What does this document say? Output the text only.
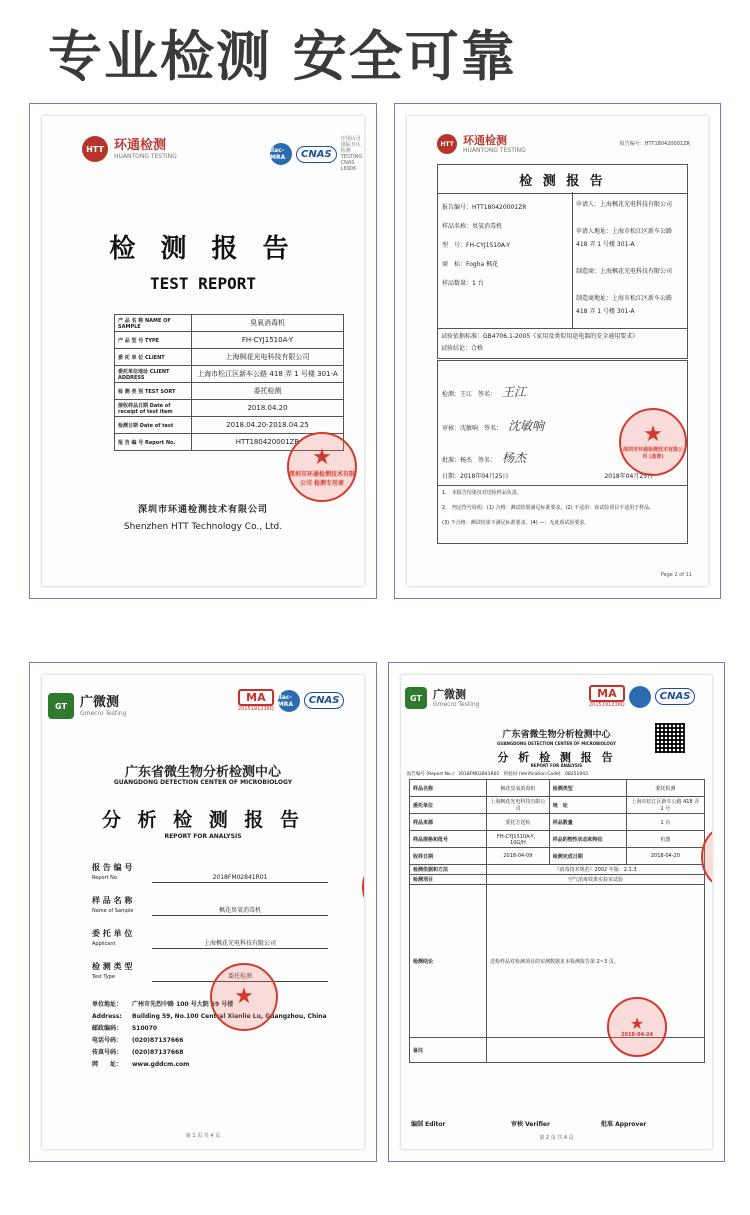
专业检测 安全可靠
HTT 环通检测
HUANTONG TESTING
ilac-MRA	CNAS
中国认可国际互认检测TESTING CNAS L6906
检 测 报 告
TEST REPORT
产 品 名 称 NAME OF SAMPLE	臭氧消毒机
产 品 型 号 TYPE	FH-CYJ1510A-Y
委 托 单 位 CLIENT	上海枫花光电科技有限公司
委托单位地址 CLIENT ADDRESS	上海市松江区新车公路 418 弄 1 号楼 301-A
检 测 类 别 TEST SORT	委托检测
接收样品日期 Date of receipt of test item	2018.04.20
检测日期 Date of test	2018.04.20-2018.04.25
报 告 编 号 Report No.	HTT180420001ZR
深圳市环通检测技术有限公司
Shenzhen HTT Technology Co., Ltd.
★
深圳市环通检测技术有限公司 检测专用章
HTT 环通检测
HUANTONG TESTING
报告编号：HTT180420001ZR
检 测 报 告
报告编号：HTT180420001ZR
样品名称：臭氧消毒机
型　号：FH-CYJ1510A-Y
商　标：Fogha 枫花
样品数量：1 台
申请人：上海枫花光电科技有限公司
申请人地址：上海市松江区新车公路 418 弄 1 号楼 301-A
制造商：上海枫花光电科技有限公司
制造商地址：上海市松江区新车公路 418 弄 1 号楼 301-A
试验依据标准：GB4706.1-2005《家用及类似用途电器的安全通用要求》
试验结论：合格
检测：王江　签名： 王江
审核：沈敏响　签名： 沈敏响
批准：杨杰　签名： 杨杰
日期：2018年04月25日	2018年04月25日
★
深圳市环通检测技术有限公司 (盖章)
1.　本报告结果仅对送检样品负责。
2.　判定符号说明：(1) 合格：测试结果满足标准要求。(2) 不适用：该试验项目不适用于样品。
(3) 不合格：测试结果不满足标准要求。(4) —：无此项试验要求。
Page 2 of 11
GT	广微测
Gmecro Testing
MA
2015191236Q
ilac-MRA	CNAS
广东省微生物分析检测中心
GUANGDONG DETECTION CENTER OF MICROBIOLOGY
分 析 检 测 报 告
REPORT FOR ANALYSIS
报 告 编 号
Report No.	2018FM02841R01
样 品 名 称
Name of Sample	枫花臭氧消毒机
委 托 单 位
Applicant	上海枫花光电科技有限公司
检 测 类 型
Test Type	委托检测
单位地址：	广州市先烈中路 100 号大院 59 号楼
Address:	Building 59, No.100 Central Xianlie Lu, Guangzhou, China
邮政编码：	510070
电话号码：	(020)87137666
传真号码：	(020)87137668
网　　址：	www.gddcm.com
★
第 1 页 共 4 页
GT	广微测
Gmecro Testing
MA
2015191236Q
CNAS
广东省微生物分析检测中心
GUANGDONG DETECTION CENTER OF MICROBIOLOGY
分 析 检 测 报 告
REPORT FOR ANALYSIS
报告编号 (Report No.)：2018FM02841R01　校验码 (Verification Code)：08251943
样品名称	枫花臭氧消毒机	检测类型	委托检测
委托单位	上海枫花光电科技有限公司	地　址	上海市松江区新车公路 418 弄 1 号
样品来源	委托方送检	样品数量	1 台
样品规格和批号	FH-CYJ1510A-Y，10G/H	样品的物性状态和特征	机器
收样日期	2018-04-09	检测完成日期	2018-04-20
检测依据和方法	《消毒技术规范》2002 年版：2.1.3		
检测项目	空气消毒效果实验室试验		
检测结论	送检样品对检测项目的实测数据见本检测报告第 2~3 页。		
备注			
★
2018-04-24
编制 Editor	审核 Verifier	批准 Approver
第 2 页 共 4 页
